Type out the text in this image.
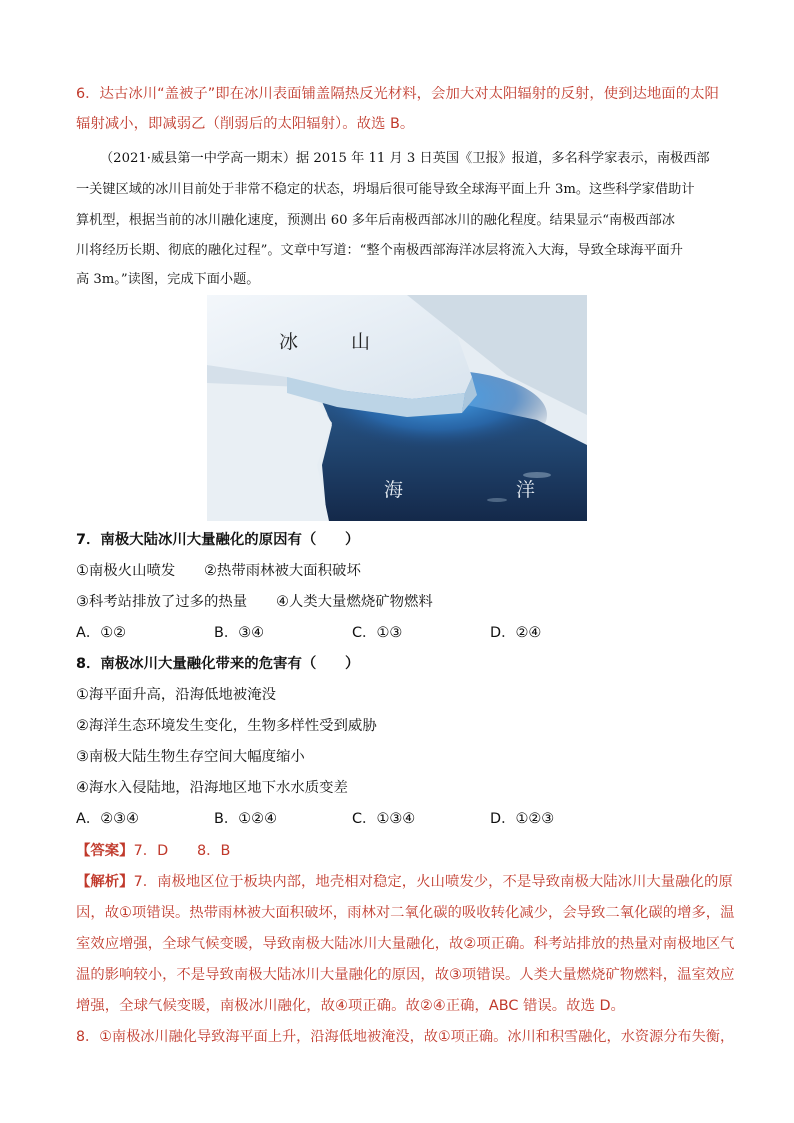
6．达古冰川“盖被子”即在冰川表面铺盖隔热反光材料，会加大对太阳辐射的反射，使到达地面的太阳
辐射减小，即减弱乙（削弱后的太阳辐射）。故选 B。
（2021·威县第一中学高一期末）据 2015 年 11 月 3 日英国《卫报》报道，多名科学家表示，南极西部
一关键区域的冰川目前处于非常不稳定的状态，坍塌后很可能导致全球海平面上升 3m。这些科学家借助计
算机型，根据当前的冰川融化速度，预测出 60 多年后南极西部冰川的融化程度。结果显示“南极西部冰
川将经历长期、彻底的融化过程”。文章中写道：“整个南极西部海洋冰层将流入大海，导致全球海平面升
高 3m。”读图，完成下面小题。
冰	山
海	洋
7．南极大陆冰川大量融化的原因有（　　）
①南极火山喷发　　②热带雨林被大面积破坏
③科考站排放了过多的热量　　④人类大量燃烧矿物燃料
A．①②	B．③④	C．①③	D．②④
8．南极冰川大量融化带来的危害有（　　）
①海平面升高，沿海低地被淹没
②海洋生态环境发生变化，生物多样性受到威胁
③南极大陆生物生存空间大幅度缩小
④海水入侵陆地，沿海地区地下水水质变差
A．②③④	B．①②④	C．①③④	D．①②③
【答案】7．D　　8．B
【解析】7．南极地区位于板块内部，地壳相对稳定，火山喷发少，不是导致南极大陆冰川大量融化的原
因，故①项错误。热带雨林被大面积破坏，雨林对二氧化碳的吸收转化减少，会导致二氧化碳的增多，温
室效应增强，全球气候变暖，导致南极大陆冰川大量融化，故②项正确。科考站排放的热量对南极地区气
温的影响较小，不是导致南极大陆冰川大量融化的原因，故③项错误。人类大量燃烧矿物燃料，温室效应
增强，全球气候变暖，南极冰川融化，故④项正确。故②④正确，ABC 错误。故选 D。
8．①南极冰川融化导致海平面上升，沿海低地被淹没，故①项正确。冰川和积雪融化，水资源分布失衡，
